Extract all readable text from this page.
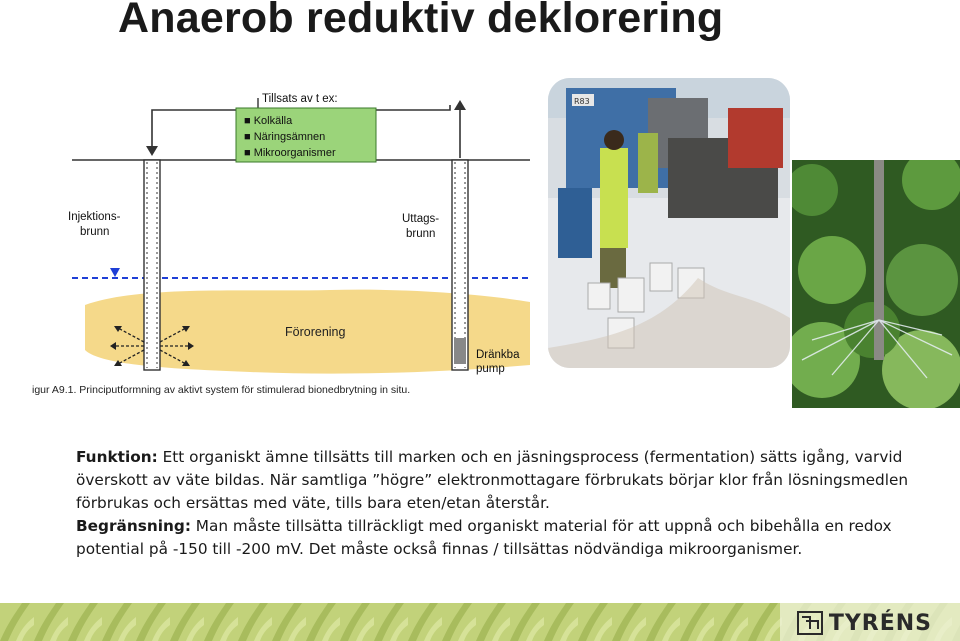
Anaerob reduktiv deklorering
Förorening
Tillsats av t ex:
■ Kolkälla
■ Näringsämnen
■ Mikroorganismer
Injektions-
brunn
Uttags-
brunn
Dränkba
pump
igur A9.1. Principutformning av aktivt system för stimulerad bionedbrytning in situ.
R83

Funktion: Ett organiskt ämne tillsätts till marken och en jäsningsprocess (fermentation) sätts igång, varvid överskott av väte bildas. När samtliga ”högre” elektronmottagare förbrukats börjar klor från lösningsmedlen förbrukas och ersättas med väte, tills bara eten/etan återstår.

Begränsning: Man måste tillsätta tillräckligt med organiskt material för att uppnå och bibehålla en redox potential på -150 till -200 mV. Det måste också finnas / tillsättas nödvändiga mikroorganismer.

TYRÉNS
